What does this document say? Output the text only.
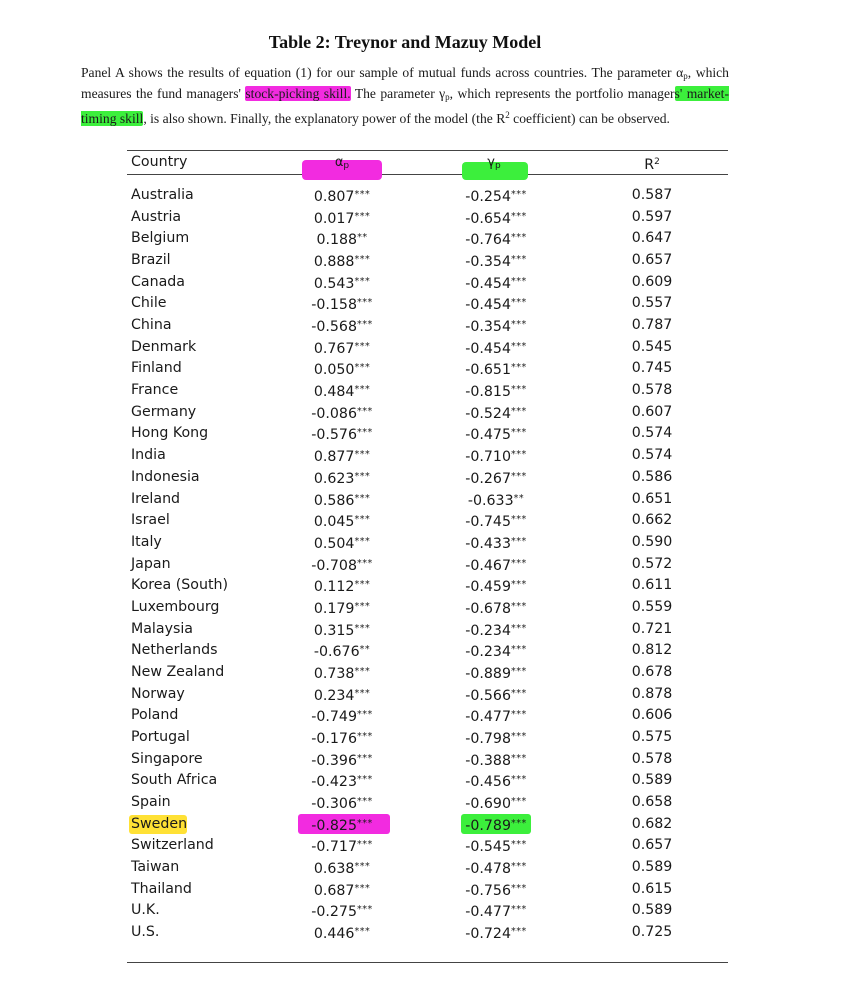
Table 2: Treynor and Mazuy Model
Panel A shows the results of equation (1) for our sample of mutual funds across countries. The parameter $\alpha_p$, which measures the fund managers' stock-picking skill. The parameter $\gamma_p$, which represents the portfolio managers' market-timing skill, is also shown. Finally, the explanatory power of the model (the $R^2$ coefficient) can be observed.
Country	$\alpha_p$	$\gamma_p$	$R^2$
Australia	0.807***	-0.254***	0.587
Austria	0.017***	-0.654***	0.597
Belgium	0.188**	-0.764***	0.647
Brazil	0.888***	-0.354***	0.657
Canada	0.543***	-0.454***	0.609
Chile	-0.158***	-0.454***	0.557
China	-0.568***	-0.354***	0.787
Denmark	0.767***	-0.454***	0.545
Finland	0.050***	-0.651***	0.745
France	0.484***	-0.815***	0.578
Germany	-0.086***	-0.524***	0.607
Hong Kong	-0.576***	-0.475***	0.574
India	0.877***	-0.710***	0.574
Indonesia	0.623***	-0.267***	0.586
Ireland	0.586***	-0.633**	0.651
Israel	0.045***	-0.745***	0.662
Italy	0.504***	-0.433***	0.590
Japan	-0.708***	-0.467***	0.572
Korea (South)	0.112***	-0.459***	0.611
Luxembourg	0.179***	-0.678***	0.559
Malaysia	0.315***	-0.234***	0.721
Netherlands	-0.676**	-0.234***	0.812
New Zealand	0.738***	-0.889***	0.678
Norway	0.234***	-0.566***	0.878
Poland	-0.749***	-0.477***	0.606
Portugal	-0.176***	-0.798***	0.575
Singapore	-0.396***	-0.388***	0.578
South Africa	-0.423***	-0.456***	0.589
Spain	-0.306***	-0.690***	0.658
Sweden	-0.825***	-0.789***	0.682
Switzerland	-0.717***	-0.545***	0.657
Taiwan	0.638***	-0.478***	0.589
Thailand	0.687***	-0.756***	0.615
U.K.	-0.275***	-0.477***	0.589
U.S.	0.446***	-0.724***	0.725
